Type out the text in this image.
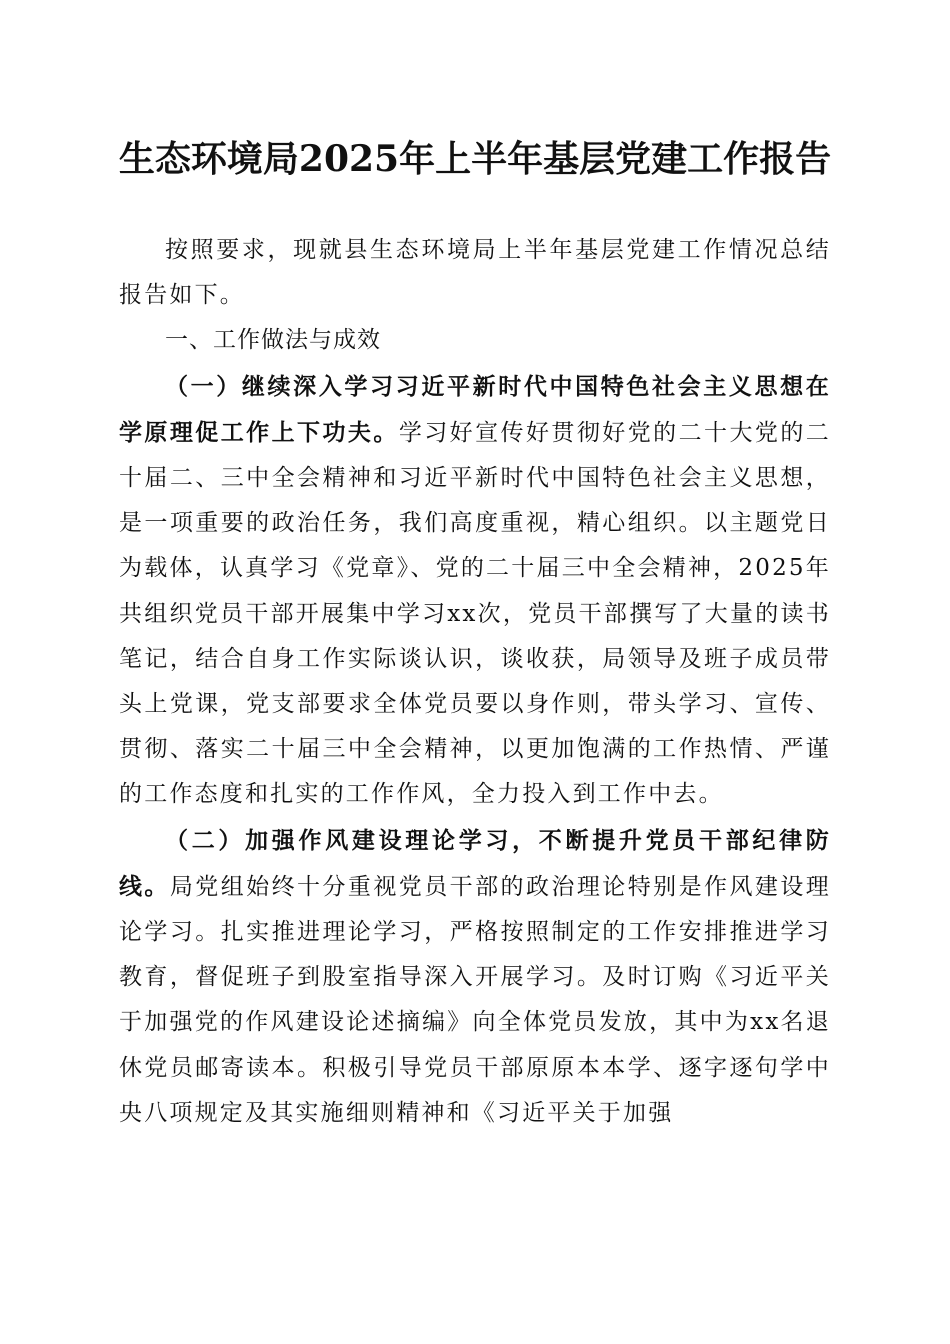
生态环境局2025年上半年基层党建工作报告

按照要求，现就县生态环境局上半年基层党建工作情况总结报告如下。

一、工作做法与成效

（一）继续深入学习习近平新时代中国特色社会主义思想在学原理促工作上下功夫。学习好宣传好贯彻好党的二十大党的二十届二、三中全会精神和习近平新时代中国特色社会主义思想，是一项重要的政治任务，我们高度重视，精心组织。以主题党日为载体，认真学习《党章》、党的二十届三中全会精神，2025年共组织党员干部开展集中学习xx次，党员干部撰写了大量的读书笔记，结合自身工作实际谈认识，谈收获，局领导及班子成员带头上党课，党支部要求全体党员要以身作则，带头学习、宣传、贯彻、落实二十届三中全会精神，以更加饱满的工作热情、严谨的工作态度和扎实的工作作风，全力投入到工作中去。

（二）加强作风建设理论学习，不断提升党员干部纪律防线。局党组始终十分重视党员干部的政治理论特别是作风建设理论学习。扎实推进理论学习，严格按照制定的工作安排推进学习教育，督促班子到股室指导深入开展学习。及时订购《习近平关于加强党的作风建设论述摘编》向全体党员发放，其中为xx名退休党员邮寄读本。积极引导党员干部原原本本学、逐字逐句学中央八项规定及其实施细则精神和《习近平关于加强
